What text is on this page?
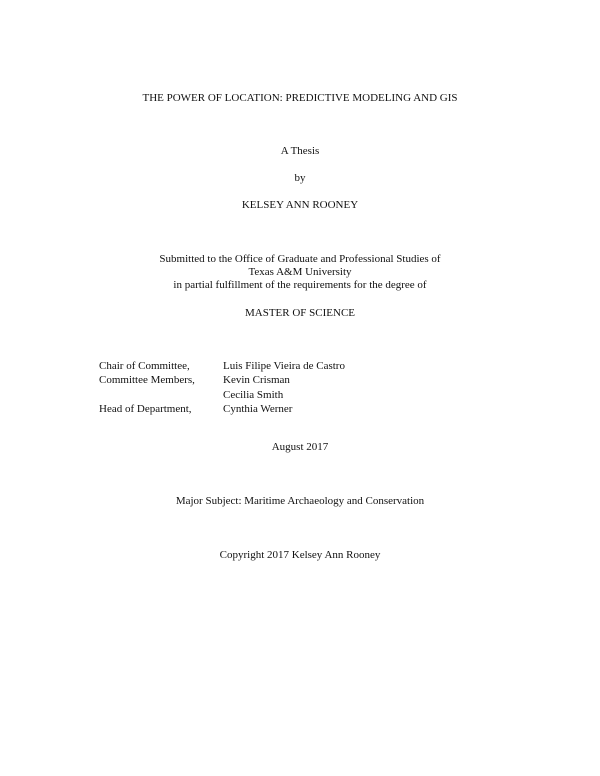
THE POWER OF LOCATION: PREDICTIVE MODELING AND GIS
A Thesis
by
KELSEY ANN ROONEY
Submitted to the Office of Graduate and Professional Studies of
Texas A&M University
in partial fulfillment of the requirements for the degree of
MASTER OF SCIENCE
Chair of Committee,	Luis Filipe Vieira de Castro
Committee Members,	Kevin Crisman
Cecilia Smith
Head of Department,	Cynthia Werner
August 2017
Major Subject: Maritime Archaeology and Conservation
Copyright 2017 Kelsey Ann Rooney
